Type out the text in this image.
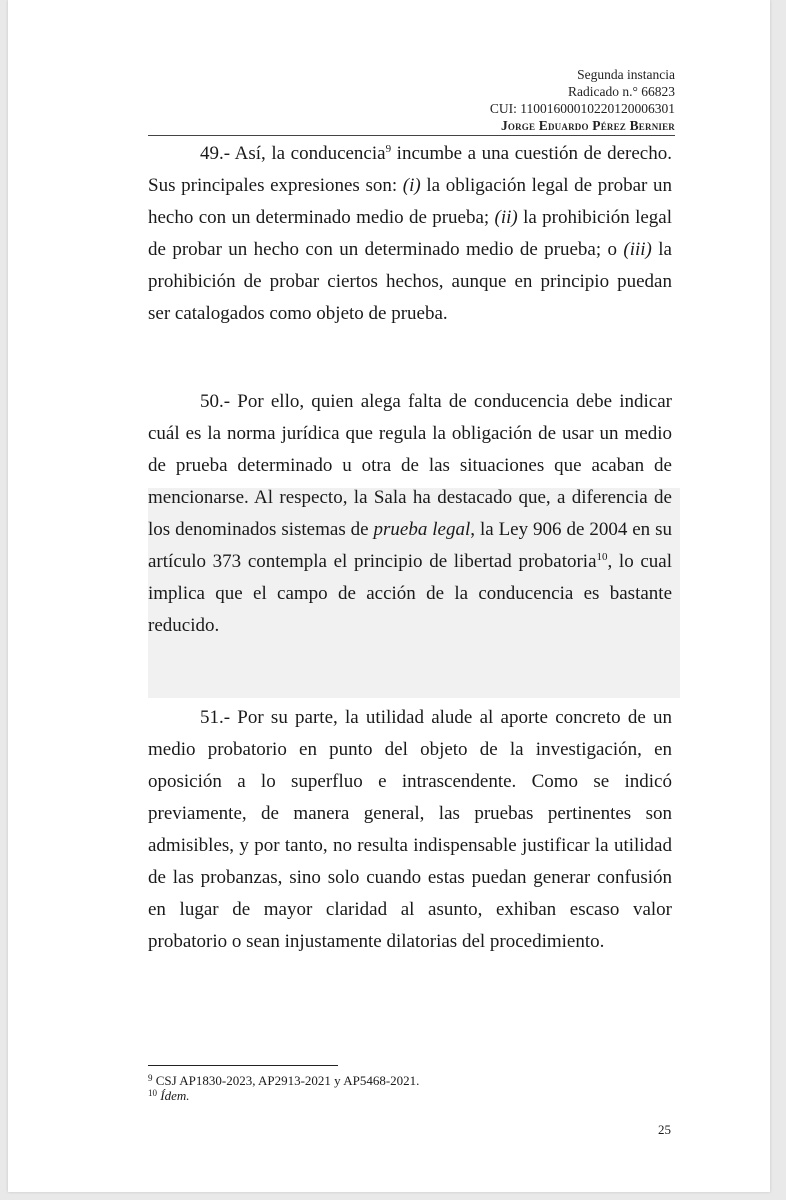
Segunda instancia
Radicado n.° 66823
CUI: 11001600010220120006301
Jorge Eduardo Pérez Bernier

49.- Así, la conducencia$^9$ incumbe a una cuestión de derecho. Sus principales expresiones son: (i) la obligación legal de probar un hecho con un determinado medio de prueba; (ii) la prohibición legal de probar un hecho con un determinado medio de prueba; o (iii) la prohibición de probar ciertos hechos, aunque en principio puedan ser catalogados como objeto de prueba.

50.- Por ello, quien alega falta de conducencia debe indicar cuál es la norma jurídica que regula la obligación de usar un medio de prueba determinado u otra de las situaciones que acaban de mencionarse. Al respecto, la Sala ha destacado que, a diferencia de los denominados sistemas de prueba legal, la Ley 906 de 2004 en su artículo 373 contempla el principio de libertad probatoria$^{10}$, lo cual implica que el campo de acción de la conducencia es bastante reducido.

51.- Por su parte, la utilidad alude al aporte concreto de un medio probatorio en punto del objeto de la investigación, en oposición a lo superfluo e intrascendente. Como se indicó previamente, de manera general, las pruebas pertinentes son admisibles, y por tanto, no resulta indispensable justificar la utilidad de las probanzas, sino solo cuando estas puedan generar confusión en lugar de mayor claridad al asunto, exhiban escaso valor probatorio o sean injustamente dilatorias del procedimiento.

$^9$ CSJ AP1830-2023, AP2913-2021 y AP5468-2021.
$^{10}$ Ídem.
25
